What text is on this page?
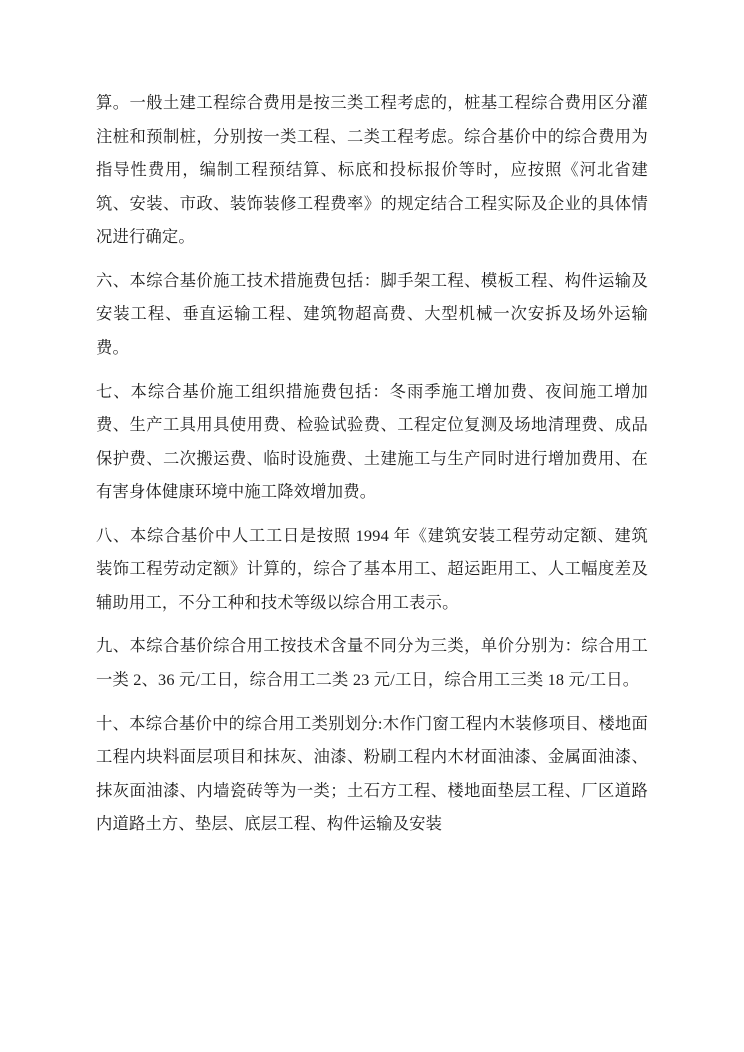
算。一般土建工程综合费用是按三类工程考虑的，桩基工程综合费用区分灌注桩和预制桩，分别按一类工程、二类工程考虑。综合基价中的综合费用为指导性费用，编制工程预结算、标底和投标报价等时，应按照《河北省建筑、安装、市政、装饰装修工程费率》的规定结合工程实际及企业的具体情况进行确定。

六、本综合基价施工技术措施费包括：脚手架工程、模板工程、构件运输及安装工程、垂直运输工程、建筑物超高费、大型机械一次安拆及场外运输费。

七、本综合基价施工组织措施费包括：冬雨季施工增加费、夜间施工增加费、生产工具用具使用费、检验试验费、工程定位复测及场地清理费、成品保护费、二次搬运费、临时设施费、土建施工与生产同时进行增加费用、在有害身体健康环境中施工降效增加费。

八、本综合基价中人工工日是按照 1994 年《建筑安装工程劳动定额、建筑装饰工程劳动定额》计算的，综合了基本用工、超运距用工、人工幅度差及辅助用工，不分工种和技术等级以综合用工表示。

九、本综合基价综合用工按技术含量不同分为三类，单价分别为：综合用工一类 2、36 元/工日，综合用工二类 23 元/工日，综合用工三类 18 元/工日。

十、本综合基价中的综合用工类别划分:木作门窗工程内木装修项目、楼地面工程内块料面层项目和抹灰、油漆、粉刷工程内木材面油漆、金属面油漆、抹灰面油漆、内墙瓷砖等为一类；土石方工程、楼地面垫层工程、厂区道路内道路土方、垫层、底层工程、构件运输及安装
